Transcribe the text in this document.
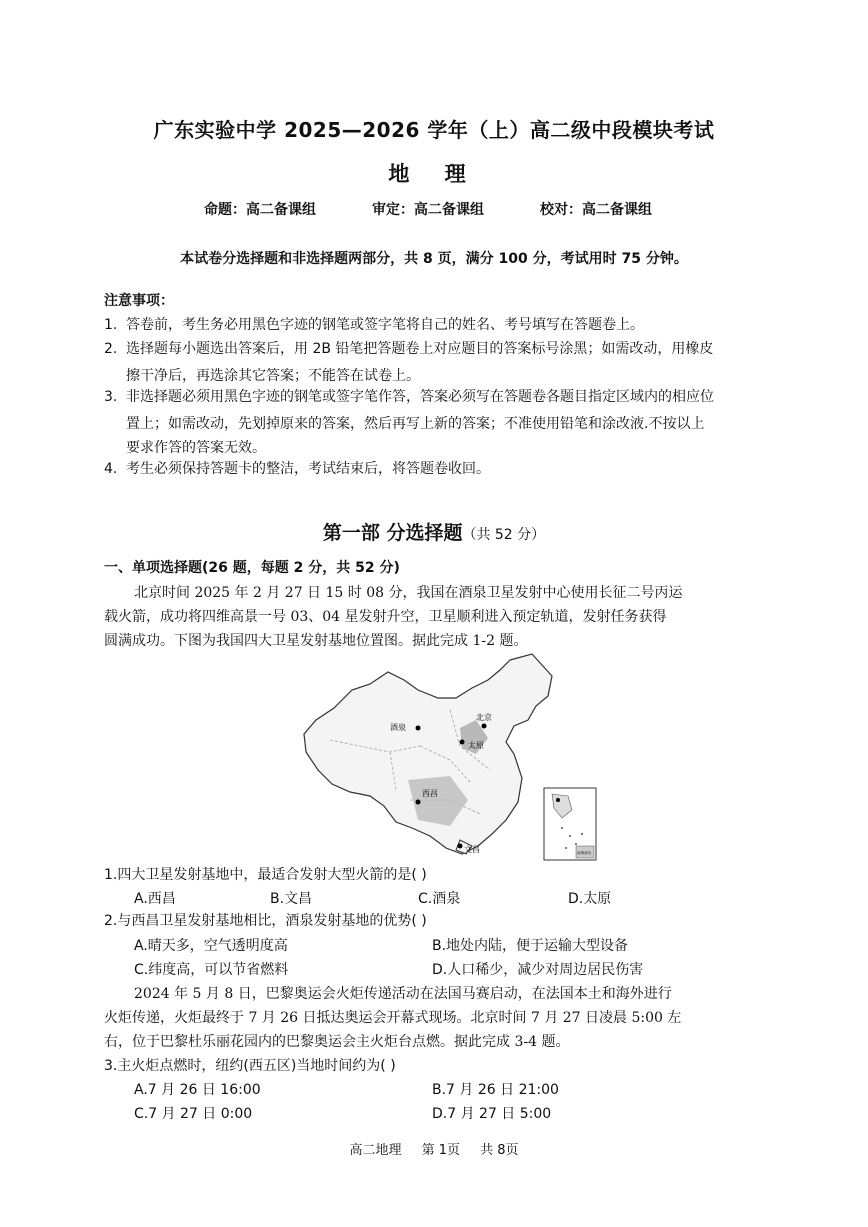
广东实验中学 2025—2026 学年（上）高二级中段模块考试
地 理
命题：高二备课组	审定：高二备课组	校对：高二备课组
本试卷分选择题和非选择题两部分，共 8 页，满分 100 分，考试用时 75 分钟。
注意事项：
1. 答卷前，考生务必用黑色字迹的钢笔或签字笔将自己的姓名、考号填写在答题卷上。
2. 选择题每小题选出答案后，用 2B 铅笔把答题卷上对应题目的答案标号涂黑；如需改动，用橡皮
擦干净后，再选涂其它答案；不能答在试卷上。
3. 非选择题必须用黑色字迹的钢笔或签字笔作答，答案必须写在答题卷各题目指定区域内的相应位
置上；如需改动，先划掉原来的答案，然后再写上新的答案；不准使用铅笔和涂改液.不按以上
要求作答的答案无效。
4. 考生必须保持答题卡的整洁，考试结束后，将答题卷收回。
第一部 分选择题（共 52 分）
一、单项选择题(26 题，每题 2 分，共 52 分)
北京时间 2025 年 2 月 27 日 15 时 08 分，我国在酒泉卫星发射中心使用长征二号丙运
载火箭，成功将四维高景一号 03、04 星发射升空，卫星顺利进入预定轨道，发射任务获得
圆满成功。下图为我国四大卫星发射基地位置图。据此完成 1-2 题。
酒泉
北京
太原
西昌
文昌	南海诸岛
1.四大卫星发射基地中，最适合发射大型火箭的是( )
A.西昌	B.文昌	C.酒泉	D.太原
2.与西昌卫星发射基地相比，酒泉发射基地的优势( )
A.晴天多，空气透明度高	B.地处内陆，便于运输大型设备
C.纬度高，可以节省燃料	D.人口稀少，减少对周边居民伤害
2024 年 5 月 8 日，巴黎奥运会火炬传递活动在法国马赛启动，在法国本土和海外进行
火炬传递，火炬最终于 7 月 26 日抵达奥运会开幕式现场。北京时间 7 月 27 日凌晨 5:00 左
右，位于巴黎杜乐丽花园内的巴黎奥运会主火炬台点燃。据此完成 3-4 题。
3.主火炬点燃时，纽约(西五区)当地时间约为( )
A.7 月 26 日 16:00	B.7 月 26 日 21:00
C.7 月 27 日 0:00	D.7 月 27 日 5:00
高二地理 第 1页 共 8页
